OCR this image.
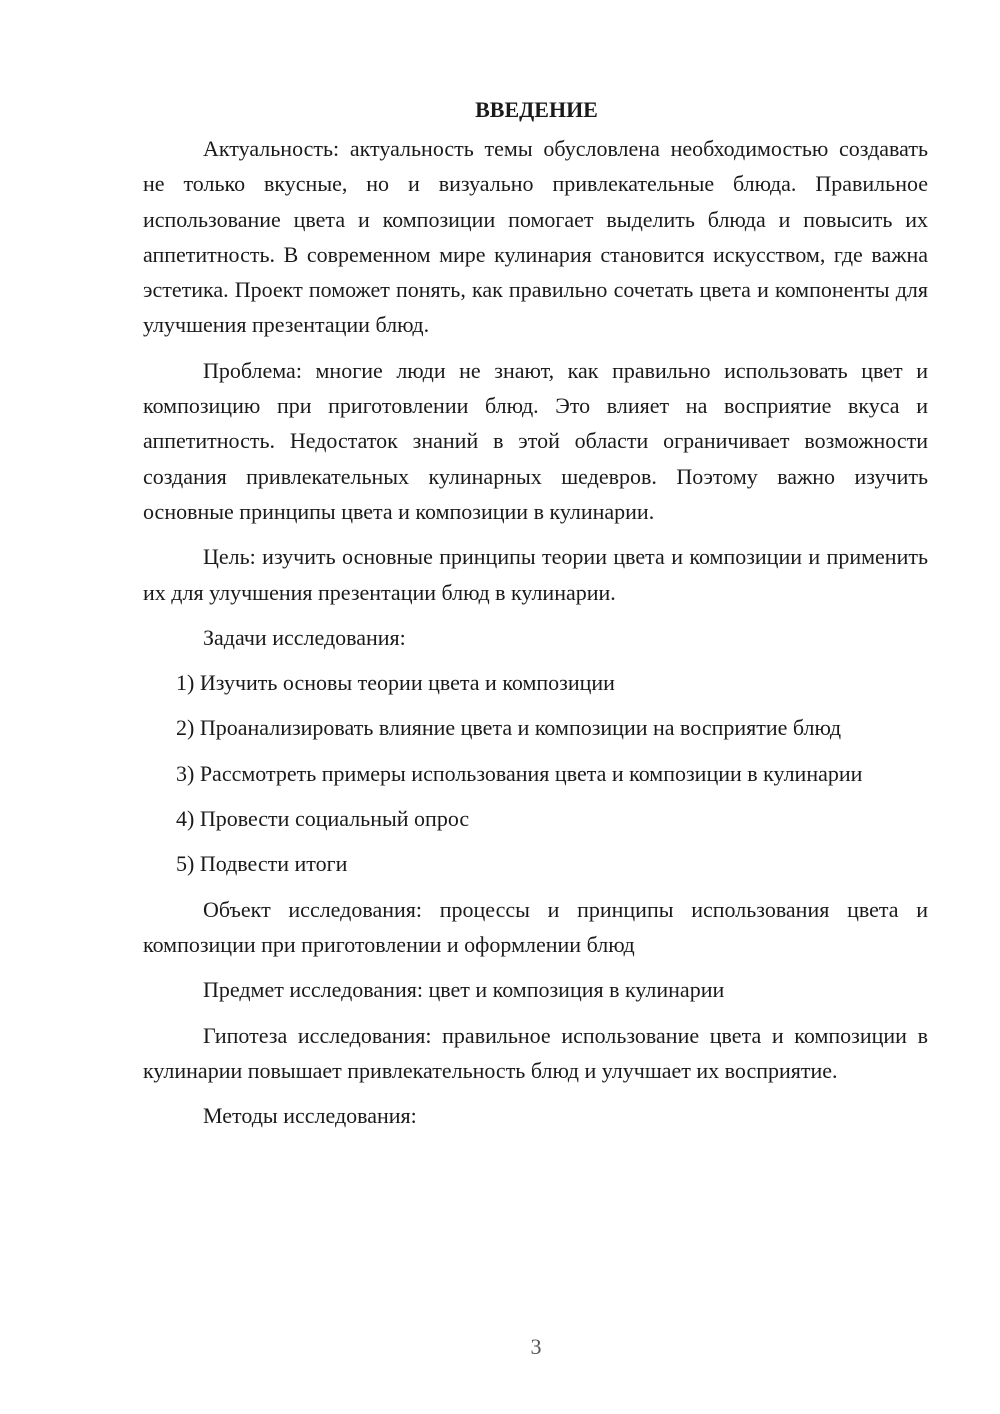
ВВЕДЕНИЕ

Актуальность: актуальность темы обусловлена необходимостью создавать не только вкусные, но и визуально привлекательные блюда. Правильное использование цвета и композиции помогает выделить блюда и повысить их аппетитность. В современном мире кулинария становится искусством, где важна эстетика. Проект поможет понять, как правильно сочетать цвета и компоненты для улучшения презентации блюд.

Проблема: многие люди не знают, как правильно использовать цвет и композицию при приготовлении блюд. Это влияет на восприятие вкуса и аппетитность. Недостаток знаний в этой области ограничивает возможности создания привлекательных кулинарных шедевров. Поэтому важно изучить основные принципы цвета и композиции в кулинарии.

Цель: изучить основные принципы теории цвета и композиции и применить их для улучшения презентации блюд в кулинарии.

Задачи исследования:

1) Изучить основы теории цвета и композиции

2) Проанализировать влияние цвета и композиции на восприятие блюд

3) Рассмотреть примеры использования цвета и композиции в кулинарии

4) Провести социальный опрос

5) Подвести итоги

Объект исследования: процессы и принципы использования цвета и композиции при приготовлении и оформлении блюд

Предмет исследования: цвет и композиция в кулинарии

Гипотеза исследования: правильное использование цвета и композиции в кулинарии повышает привлекательность блюд и улучшает их восприятие.

Методы исследования:

3
